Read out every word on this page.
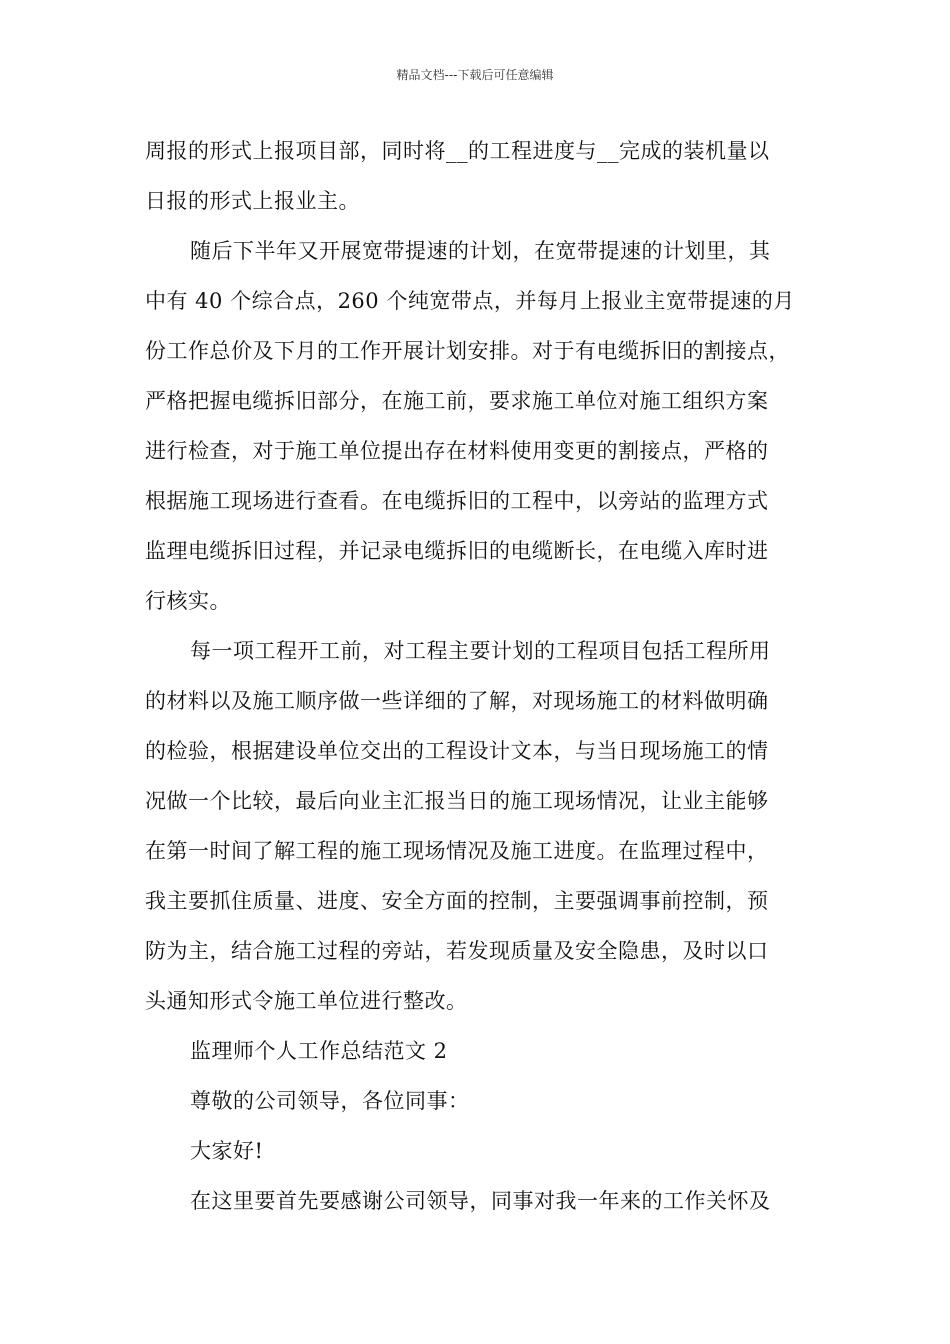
精品文档---下载后可任意编辑
周报的形式上报项目部，同时将__的工程进度与__完成的装机量以
日报的形式上报业主。
随后下半年又开展宽带提速的计划，在宽带提速的计划里，其
中有 40 个综合点，260 个纯宽带点，并每月上报业主宽带提速的月
份工作总价及下月的工作开展计划安排。对于有电缆拆旧的割接点，
严格把握电缆拆旧部分，在施工前，要求施工单位对施工组织方案
进行检查，对于施工单位提出存在材料使用变更的割接点，严格的
根据施工现场进行查看。在电缆拆旧的工程中，以旁站的监理方式
监理电缆拆旧过程，并记录电缆拆旧的电缆断长，在电缆入库时进
行核实。
每一项工程开工前，对工程主要计划的工程项目包括工程所用
的材料以及施工顺序做一些详细的了解，对现场施工的材料做明确
的检验，根据建设单位交出的工程设计文本，与当日现场施工的情
况做一个比较，最后向业主汇报当日的施工现场情况，让业主能够
在第一时间了解工程的施工现场情况及施工进度。在监理过程中，
我主要抓住质量、进度、安全方面的控制，主要强调事前控制，预
防为主，结合施工过程的旁站，若发现质量及安全隐患，及时以口
头通知形式令施工单位进行整改。
监理师个人工作总结范文 2
尊敬的公司领导，各位同事：
大家好!
在这里要首先要感谢公司领导，同事对我一年来的工作关怀及
